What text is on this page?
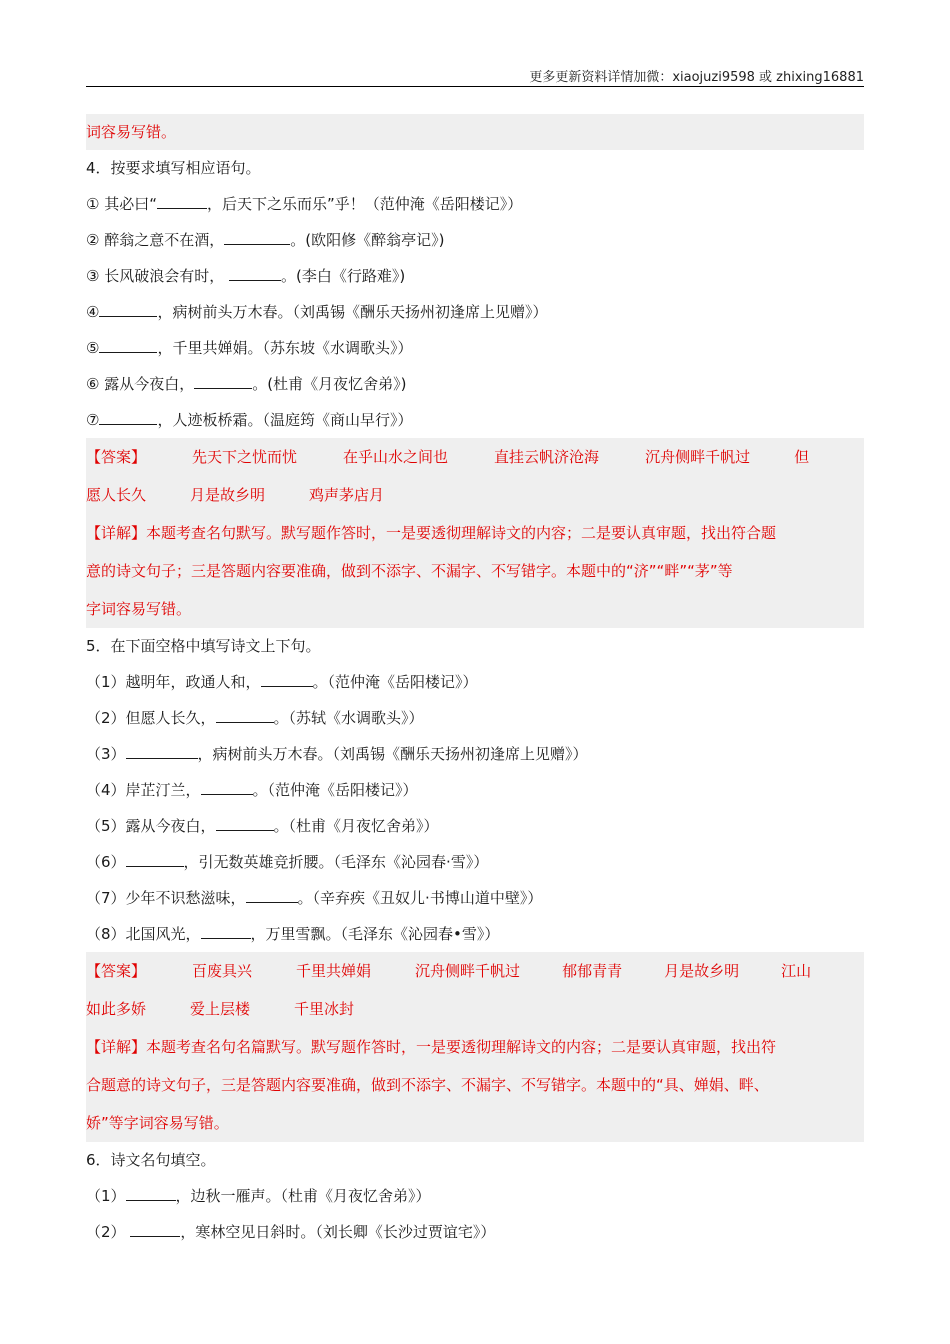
更多更新资料详情加微：xiaojuzi9598 或 zhixing16881
词容易写错。
4．按要求填写相应语句。
① 其必曰“	，后天下之乐而乐”乎！（范仲淹《岳阳楼记》）
② 醉翁之意不在酒，	。(欧阳修《醉翁亭记》)
③ 长风破浪会有时，	。(李白《行路难》)
④	，病树前头万木春。（刘禹锡《酬乐天扬州初逢席上见赠》）
⑤	，千里共婵娟。（苏东坡《水调歌头》）
⑥ 露从今夜白，	。(杜甫《月夜忆舍弟》)
⑦	，人迹板桥霜。（温庭筠《商山早行》）
【答案】	先天下之忧而忧	在乎山水之间也	直挂云帆济沧海	沉舟侧畔千帆过	但
愿人长久	月是故乡明	鸡声茅店月
【详解】本题考查名句默写。默写题作答时，一是要透彻理解诗文的内容；二是要认真审题，找出符合题
意的诗文句子；三是答题内容要准确，做到不添字、不漏字、不写错字。本题中的“济”“畔”“茅”等
字词容易写错。
5．在下面空格中填写诗文上下句。
（1）越明年，政通人和，	。（范仲淹《岳阳楼记》）
（2）但愿人长久，	。（苏轼《水调歌头》）
（3）	，病树前头万木春。（刘禹锡《酬乐天扬州初逢席上见赠》）
（4）岸芷汀兰，	。（范仲淹《岳阳楼记》）
（5）露从今夜白，	。（杜甫《月夜忆舍弟》）
（6）	，引无数英雄竞折腰。（毛泽东《沁园春·雪》）
（7）少年不识愁滋味，	。（辛弃疾《丑奴儿·书博山道中壁》）
（8）北国风光，	，万里雪飘。（毛泽东《沁园春•雪》）
【答案】	百废具兴	千里共婵娟	沉舟侧畔千帆过	郁郁青青	月是故乡明	江山
如此多娇	爱上层楼	千里冰封
【详解】本题考查名句名篇默写。默写题作答时，一是要透彻理解诗文的内容；二是要认真审题，找出符
合题意的诗文句子，三是答题内容要准确，做到不添字、不漏字、不写错字。本题中的“具、婵娟、畔、
娇”等字词容易写错。
6．诗文名句填空。
（1）	，边秋一雁声。（杜甫《月夜忆舍弟》）
（2）	，寒林空见日斜时。（刘长卿《长沙过贾谊宅》）
